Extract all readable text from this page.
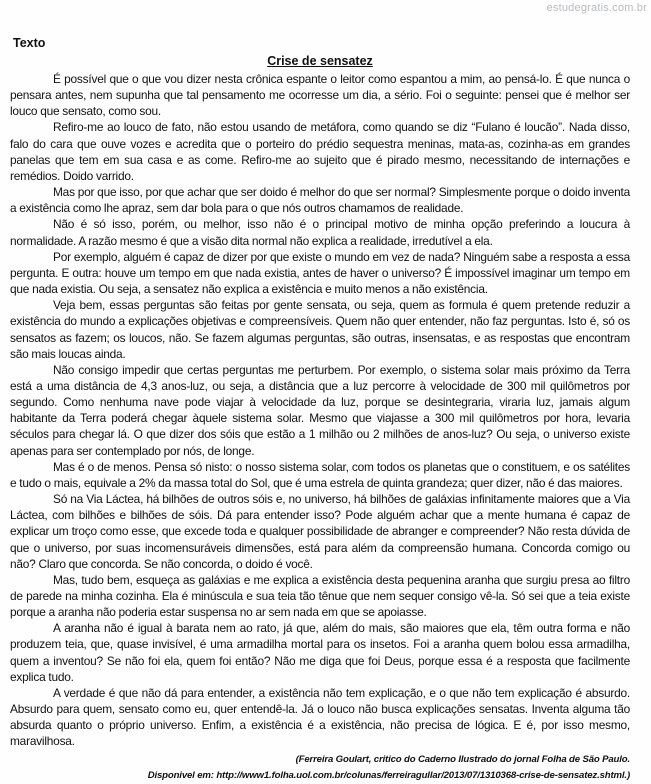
estudegratis.com.br
Texto
Crise de sensatez

É possível que o que vou dizer nesta crônica espante o leitor como espantou a mim, ao pensá-lo. É que nunca o pensara antes, nem supunha que tal pensamento me ocorresse um dia, a sério. Foi o seguinte: pensei que é melhor ser louco que sensato, como sou.

Refiro-me ao louco de fato, não estou usando de metáfora, como quando se diz “Fulano é loucão”. Nada disso, falo do cara que ouve vozes e acredita que o porteiro do prédio sequestra meninas, mata-as, cozinha-as em grandes panelas que tem em sua casa e as come. Refiro-me ao sujeito que é pirado mesmo, necessitando de internações e remédios. Doido varrido.

Mas por que isso, por que achar que ser doido é melhor do que ser normal? Simplesmente porque o doido inventa a existência como lhe apraz, sem dar bola para o que nós outros chamamos de realidade.

Não é só isso, porém, ou melhor, isso não é o principal motivo de minha opção preferindo a loucura à normalidade. A razão mesmo é que a visão dita normal não explica a realidade, irredutível a ela.

Por exemplo, alguém é capaz de dizer por que existe o mundo em vez de nada? Ninguém sabe a resposta a essa pergunta. E outra: houve um tempo em que nada existia, antes de haver o universo? É impossível imaginar um tempo em que nada existia. Ou seja, a sensatez não explica a existência e muito menos a não existência.

Veja bem, essas perguntas são feitas por gente sensata, ou seja, quem as formula é quem pretende reduzir a existência do mundo a explicações objetivas e compreensíveis. Quem não quer entender, não faz perguntas. Isto é, só os sensatos as fazem; os loucos, não. Se fazem algumas perguntas, são outras, insensatas, e as respostas que encontram são mais loucas ainda.

Não consigo impedir que certas perguntas me perturbem. Por exemplo, o sistema solar mais próximo da Terra está a uma distância de 4,3 anos-luz, ou seja, a distância que a luz percorre à velocidade de 300 mil quilômetros por segundo. Como nenhuma nave pode viajar à velocidade da luz, porque se desintegraria, viraria luz, jamais algum habitante da Terra poderá chegar àquele sistema solar. Mesmo que viajasse a 300 mil quilômetros por hora, levaria séculos para chegar lá. O que dizer dos sóis que estão a 1 milhão ou 2 milhões de anos-luz? Ou seja, o universo existe apenas para ser contemplado por nós, de longe.

Mas é o de menos. Pensa só nisto: o nosso sistema solar, com todos os planetas que o constituem, e os satélites e tudo o mais, equivale a 2% da massa total do Sol, que é uma estrela de quinta grandeza; quer dizer, não é das maiores.

Só na Via Láctea, há bilhões de outros sóis e, no universo, há bilhões de galáxias infinitamente maiores que a Via Láctea, com bilhões e bilhões de sóis. Dá para entender isso? Pode alguém achar que a mente humana é capaz de explicar um troço como esse, que excede toda e qualquer possibilidade de abranger e compreender? Não resta dúvida de que o universo, por suas incomensuráveis dimensões, está para além da compreensão humana. Concorda comigo ou não? Claro que concorda. Se não concorda, o doido é você.

Mas, tudo bem, esqueça as galáxias e me explica a existência desta pequenina aranha que surgiu presa ao filtro de parede na minha cozinha. Ela é minúscula e sua teia tão tênue que nem sequer consigo vê-la. Só sei que a teia existe porque a aranha não poderia estar suspensa no ar sem nada em que se apoiasse.

A aranha não é igual à barata nem ao rato, já que, além do mais, são maiores que ela, têm outra forma e não produzem teia, que, quase invisível, é uma armadilha mortal para os insetos. Foi a aranha quem bolou essa armadilha, quem a inventou? Se não foi ela, quem foi então? Não me diga que foi Deus, porque essa é a resposta que facilmente explica tudo.

A verdade é que não dá para entender, a existência não tem explicação, e o que não tem explicação é absurdo. Absurdo para quem, sensato como eu, quer entendê-la. Já o louco não busca explicações sensatas. Inventa alguma tão absurda quanto o próprio universo. Enfim, a existência é a existência, não precisa de lógica. E é, por isso mesmo, maravilhosa.

(Ferreira Goulart, critico do Caderno Ilustrado do jornal Folha de São Paulo.
Disponivel em: http://www1.folha.uol.com.br/colunas/ferreiragullar/2013/07/1310368-crise-de-sensatez.shtml.)
